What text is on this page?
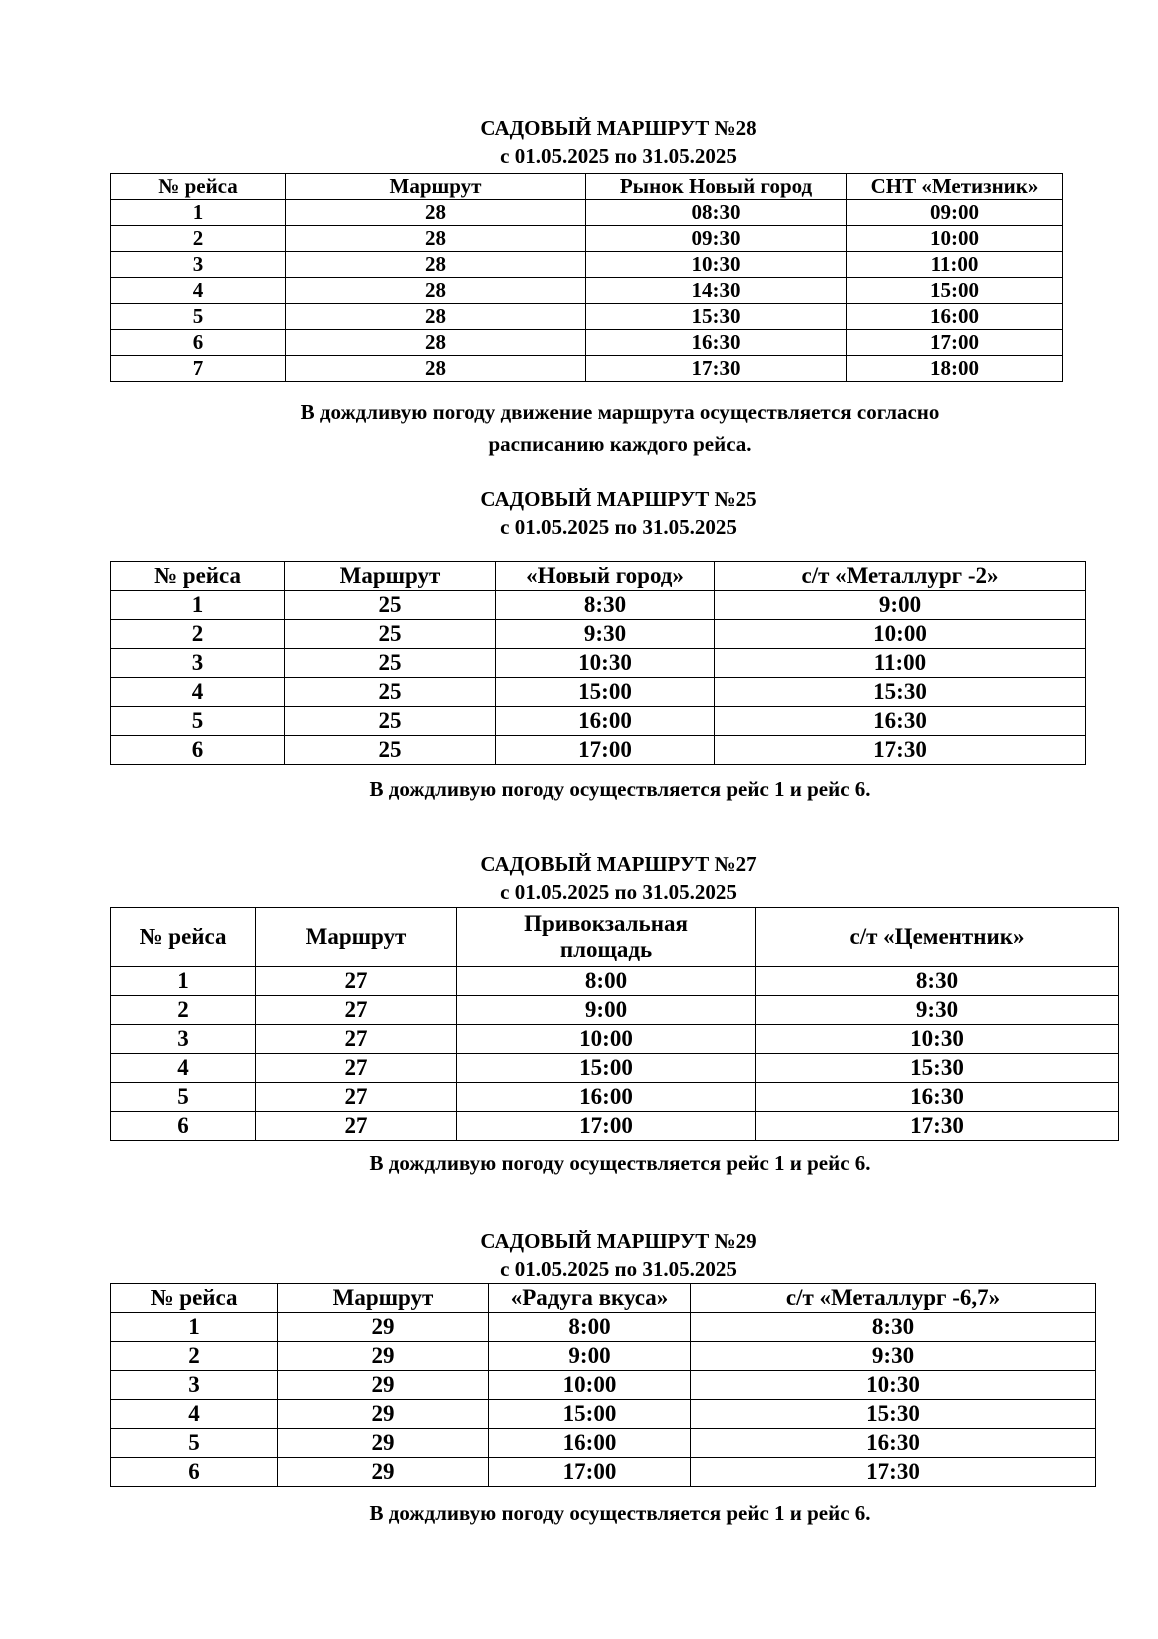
САДОВЫЙ МАРШРУТ №28
с 01.05.2025 по 31.05.2025
№ рейса	Маршрут	Рынок Новый город	СНТ «Метизник»
1	28	08:30	09:00
2	28	09:30	10:00
3	28	10:30	11:00
4	28	14:30	15:00
5	28	15:30	16:00
6	28	16:30	17:00
7	28	17:30	18:00
В дождливую погоду движение маршрута осуществляется согласно
расписанию каждого рейса.
САДОВЫЙ МАРШРУТ №25
с 01.05.2025 по 31.05.2025
№ рейса	Маршрут	«Новый город»	с/т «Металлург -2»
1	25	8:30	9:00
2	25	9:30	10:00
3	25	10:30	11:00
4	25	15:00	15:30
5	25	16:00	16:30
6	25	17:00	17:30
В дождливую погоду осуществляется рейс 1 и рейс 6.
САДОВЫЙ МАРШРУТ №27
с 01.05.2025 по 31.05.2025
№ рейса	Маршрут	Привокзальная площадь	с/т «Цементник»
1	27	8:00	8:30
2	27	9:00	9:30
3	27	10:00	10:30
4	27	15:00	15:30
5	27	16:00	16:30
6	27	17:00	17:30
В дождливую погоду осуществляется рейс 1 и рейс 6.
САДОВЫЙ МАРШРУТ №29
с 01.05.2025 по 31.05.2025
№ рейса	Маршрут	«Радуга вкуса»	с/т «Металлург -6,7»
1	29	8:00	8:30
2	29	9:00	9:30
3	29	10:00	10:30
4	29	15:00	15:30
5	29	16:00	16:30
6	29	17:00	17:30
В дождливую погоду осуществляется рейс 1 и рейс 6.
